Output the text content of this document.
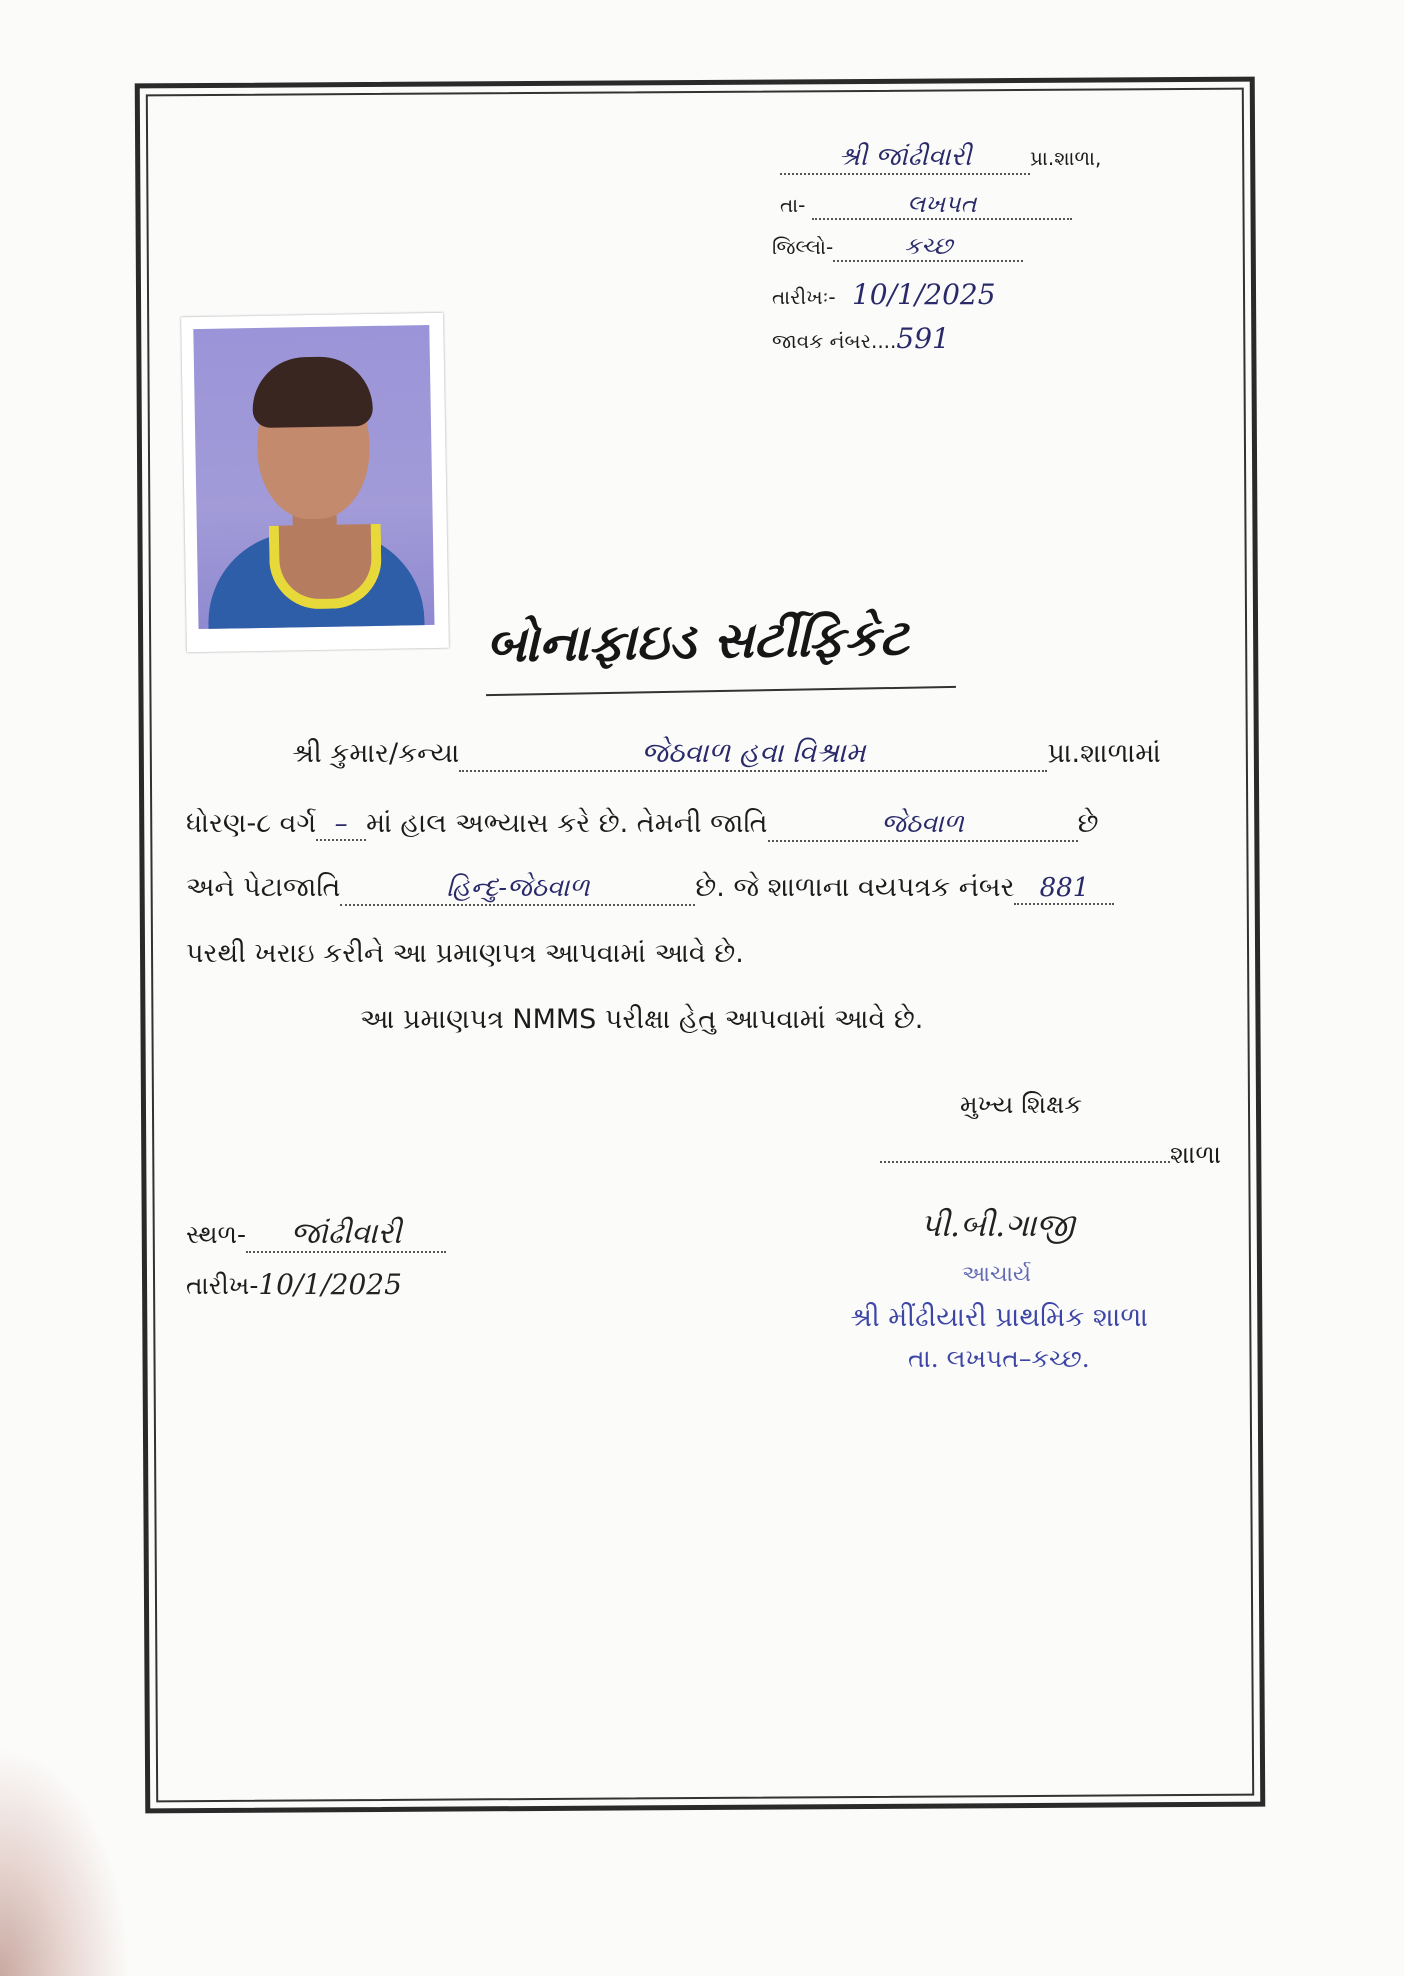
શ્રી જાંઢીવારી	પ્રા.શાળા,
તા-	લખપત
જિલ્લો-	કચ્છ
તારીખઃ- 10/1/2025
જાવક નંબર....591
બોનાફાઇડ સર્ટીફિકેટ
શ્રી કુમાર/કન્યા	જેઠવાળ હવા વિશ્રામ	પ્રા.શાળામાં
ધોરણ-૮ વર્ગ – માં હાલ અભ્યાસ કરે છે. તેમની જાતિ	જેઠવાળ	છે
અને પેટાજાતિ	હિન્દુ-જેઠવાળ	છે. જે શાળાના વયપત્રક નંબર 881
પરથી ખરાઇ કરીને આ પ્રમાણપત્ર આપવામાં આવે છે.
આ પ્રમાણપત્ર NMMS પરીક્ષા હેતુ આપવામાં આવે છે.
મુખ્ય શિક્ષક
શાળા
પી.બી.ગાજી
આચાર્ય
શ્રી મીંઢીયારી પ્રાથમિક શાળા
તા. લખપત–કચ્છ.
સ્થળ- જાંઢીવારી
તારીખ-10/1/2025
